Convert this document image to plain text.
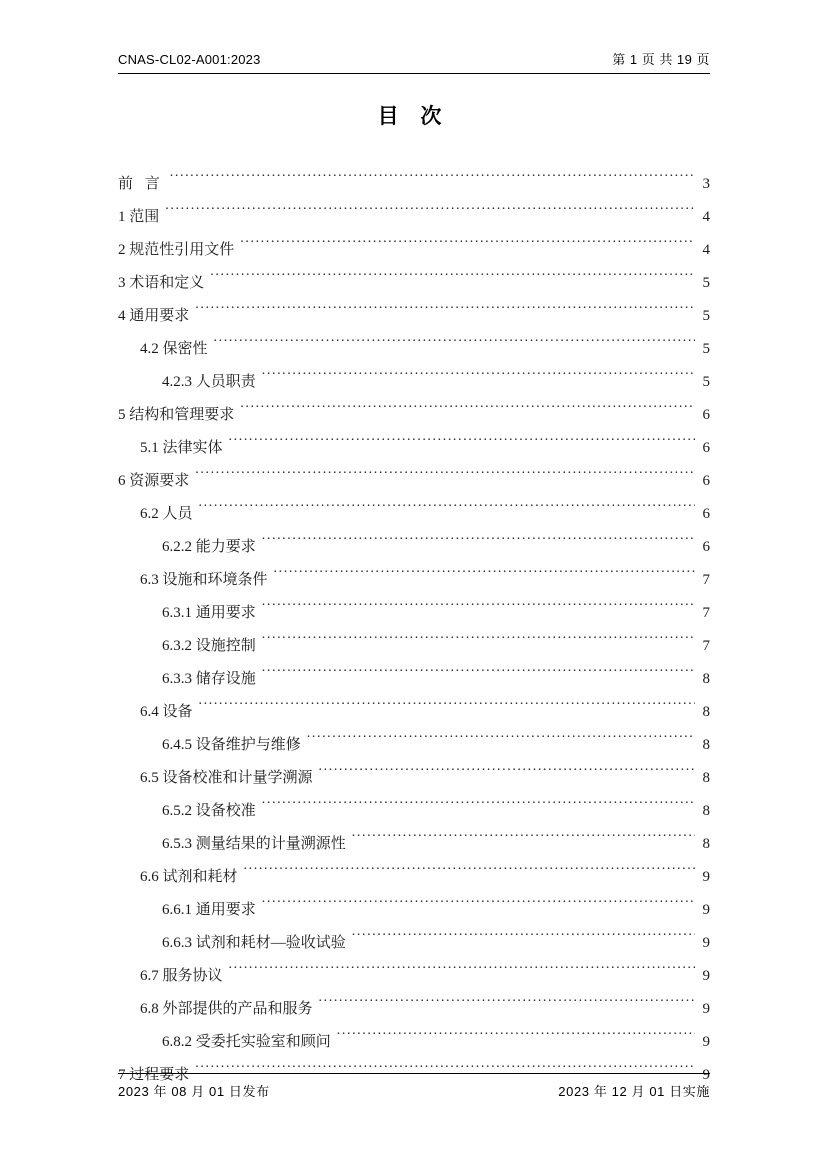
CNAS-CL02-A001:2023	第 1 页 共 19 页
目 次
前 言 .....	3
1 范围 .....	4
2 规范性引用文件 .....	4
3 术语和定义 .....	5
4 通用要求 .....	5
4.2 保密性 .....	5
4.2.3 人员职责 .....	5
5 结构和管理要求 .....	6
5.1 法律实体 .....	6
6 资源要求 .....	6
6.2 人员 .....	6
6.2.2 能力要求 .....	6
6.3 设施和环境条件 .....	7
6.3.1 通用要求 .....	7
6.3.2 设施控制 .....	7
6.3.3 储存设施 .....	8
6.4 设备 .....	8
6.4.5 设备维护与维修 .....	8
6.5 设备校准和计量学溯源 .....	8
6.5.2 设备校准 .....	8
6.5.3 测量结果的计量溯源性 .....	8
6.6 试剂和耗材 .....	9
6.6.1 通用要求 .....	9
6.6.3 试剂和耗材—验收试验 .....	9
6.7 服务协议 .....	9
6.8 外部提供的产品和服务 .....	9
6.8.2 受委托实验室和顾问 .....	9
7 过程要求 .....	9
2023 年 08 月 01 日发布	2023 年 12 月 01 日实施
